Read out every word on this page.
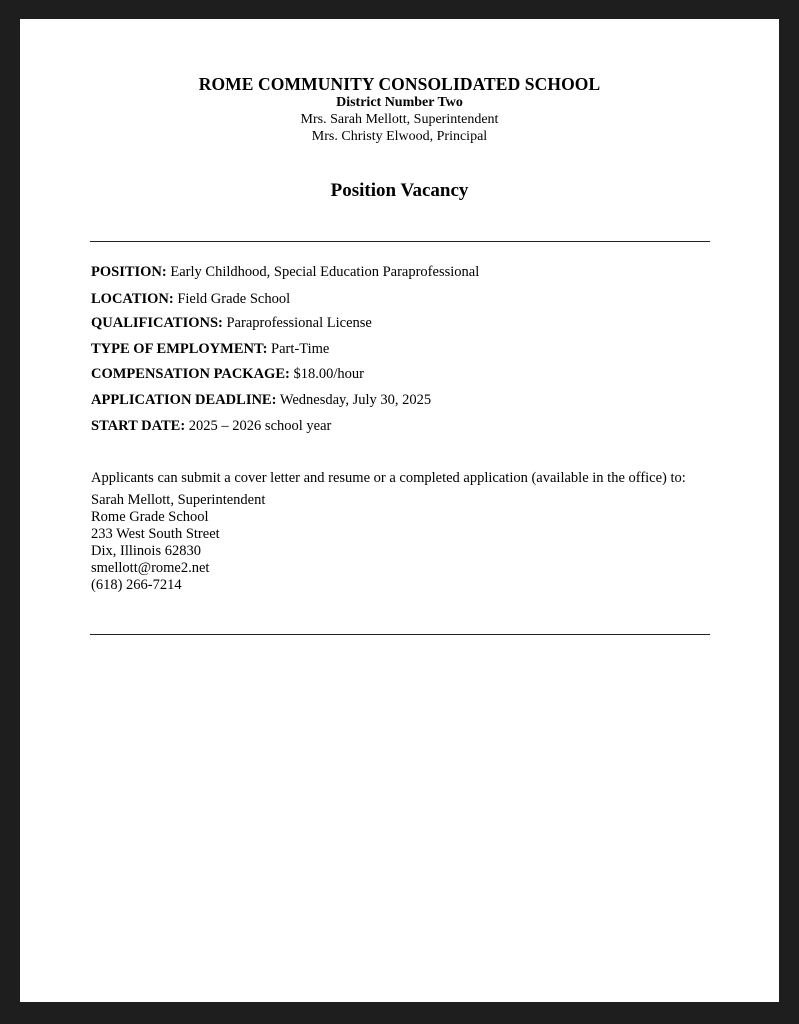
ROME COMMUNITY CONSOLIDATED SCHOOL
District Number Two
Mrs. Sarah Mellott, Superintendent
Mrs. Christy Elwood, Principal
Position Vacancy
POSITION: Early Childhood, Special Education Paraprofessional
LOCATION: Field Grade School
QUALIFICATIONS: Paraprofessional License
TYPE OF EMPLOYMENT: Part-Time
COMPENSATION PACKAGE: $18.00/hour
APPLICATION DEADLINE: Wednesday, July 30, 2025
START DATE: 2025 – 2026 school year
Applicants can submit a cover letter and resume or a completed application (available in the office) to:
Sarah Mellott, Superintendent
Rome Grade School
233 West South Street
Dix, Illinois 62830
smellott@rome2.net
(618) 266-7214
